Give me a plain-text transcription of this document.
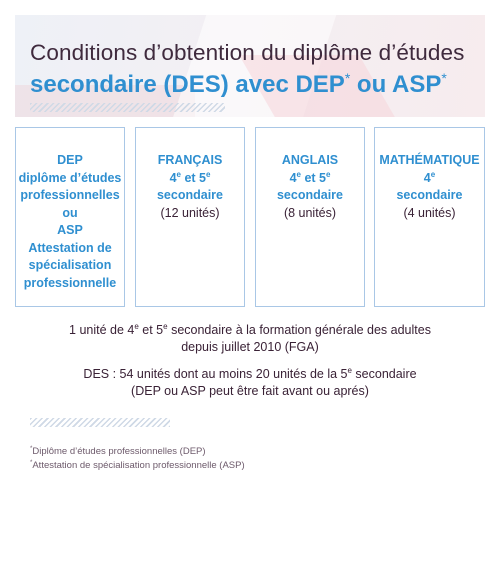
Conditions d’obtention du diplôme d’études
secondaire (DES) avec DEP* ou ASP*
DEP
diplôme d’études
professionnelles
ou
ASP
Attestation de
spécialisation
professionnelle
FRANÇAIS
4e et 5e
secondaire
(12 unités)
ANGLAIS
4e et 5e
secondaire
(8 unités)
MATHÉMATIQUE
4e
secondaire
(4 unités)
1 unité de 4e et 5e secondaire à la formation générale des adultes
depuis juillet 2010 (FGA)
DES : 54 unités dont au moins 20 unités de la 5e secondaire
(DEP ou ASP peut être fait avant ou aprés)
*Diplôme d’études professionnelles (DEP)
*Attestation de spécialisation professionnelle (ASP)
